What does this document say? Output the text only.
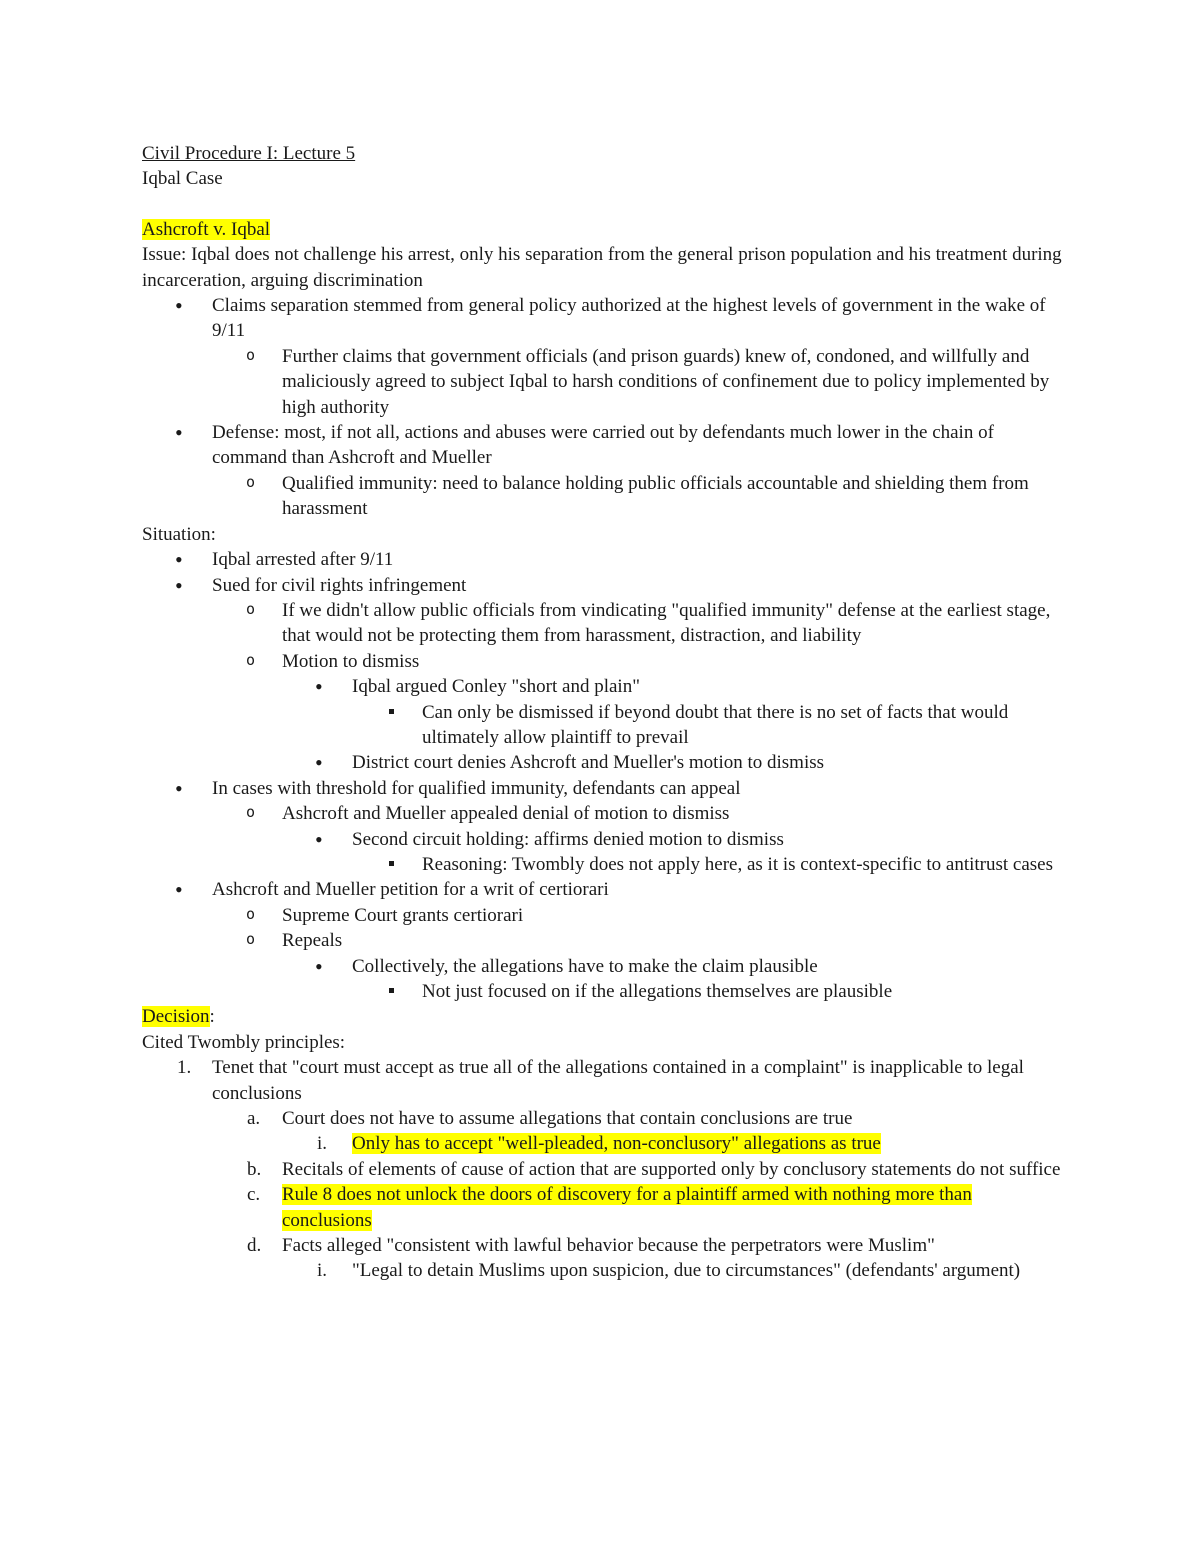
Civil Procedure I: Lecture 5

Iqbal Case

Ashcroft v. Iqbal

Issue: Iqbal does not challenge his arrest, only his separation from the general prison population and his treatment during incarceration, arguing discrimination

• Claims separation stemmed from general policy authorized at the highest levels of government in the wake of 9/11
o Further claims that government officials (and prison guards) knew of, condoned, and willfully and maliciously agreed to subject Iqbal to harsh conditions of confinement due to policy implemented by high authority
• Defense: most, if not all, actions and abuses were carried out by defendants much lower in the chain of command than Ashcroft and Mueller
o Qualified immunity: need to balance holding public officials accountable and shielding them from harassment

Situation:

• Iqbal arrested after 9/11
• Sued for civil rights infringement
o If we didn't allow public officials from vindicating "qualified immunity" defense at the earliest stage, that would not be protecting them from harassment, distraction, and liability
o Motion to dismiss
• Iqbal argued Conley "short and plain"
Can only be dismissed if beyond doubt that there is no set of facts that would ultimately allow plaintiff to prevail
• District court denies Ashcroft and Mueller's motion to dismiss
• In cases with threshold for qualified immunity, defendants can appeal
o Ashcroft and Mueller appealed denial of motion to dismiss
• Second circuit holding: affirms denied motion to dismiss
Reasoning: Twombly does not apply here, as it is context-specific to antitrust cases
• Ashcroft and Mueller petition for a writ of certiorari
o Supreme Court grants certiorari
o Repeals
• Collectively, the allegations have to make the claim plausible
Not just focused on if the allegations themselves are plausible

Decision:

Cited Twombly principles:

1. Tenet that "court must accept as true all of the allegations contained in a complaint" is inapplicable to legal conclusions
a. Court does not have to assume allegations that contain conclusions are true
i. Only has to accept "well-pleaded, non-conclusory" allegations as true
b. Recitals of elements of cause of action that are supported only by conclusory statements do not suffice
c. Rule 8 does not unlock the doors of discovery for a plaintiff armed with nothing more than conclusions
d. Facts alleged "consistent with lawful behavior because the perpetrators were Muslim"
i. "Legal to detain Muslims upon suspicion, due to circumstances" (defendants' argument)
